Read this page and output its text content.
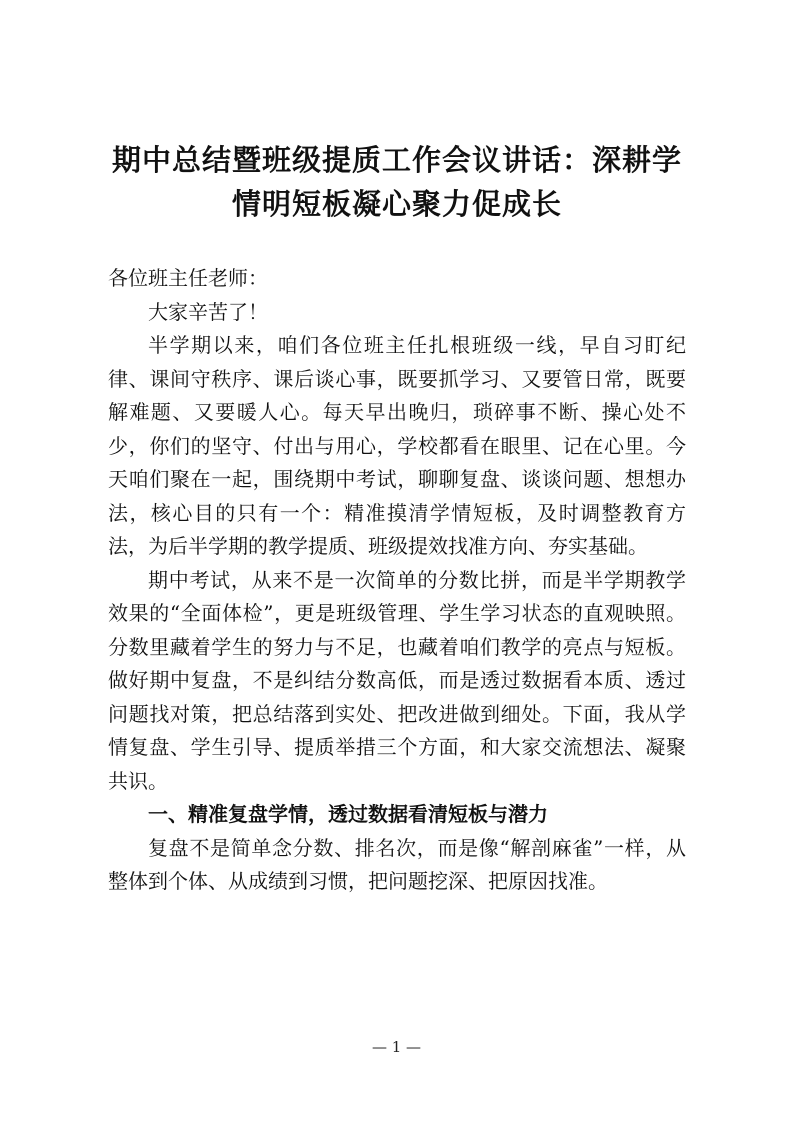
期中总结暨班级提质工作会议讲话：深耕学情明短板凝心聚力促成长

各位班主任老师：

大家辛苦了！

半学期以来，咱们各位班主任扎根班级一线，早自习盯纪律、课间守秩序、课后谈心事，既要抓学习、又要管日常，既要解难题、又要暖人心。每天早出晚归，琐碎事不断、操心处不少，你们的坚守、付出与用心，学校都看在眼里、记在心里。今天咱们聚在一起，围绕期中考试，聊聊复盘、谈谈问题、想想办法，核心目的只有一个：精准摸清学情短板，及时调整教育方法，为后半学期的教学提质、班级提效找准方向、夯实基础。

期中考试，从来不是一次简单的分数比拼，而是半学期教学效果的“全面体检”，更是班级管理、学生学习状态的直观映照。分数里藏着学生的努力与不足，也藏着咱们教学的亮点与短板。做好期中复盘，不是纠结分数高低，而是透过数据看本质、透过问题找对策，把总结落到实处、把改进做到细处。下面，我从学情复盘、学生引导、提质举措三个方面，和大家交流想法、凝聚共识。

一、精准复盘学情，透过数据看清短板与潜力

复盘不是简单念分数、排名次，而是像“解剖麻雀”一样，从整体到个体、从成绩到习惯，把问题挖深、把原因找准。

— 1 —
